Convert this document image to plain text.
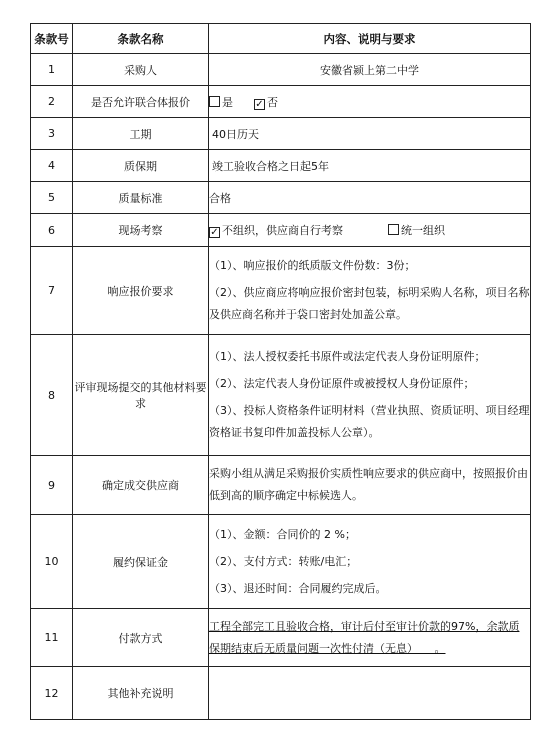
条款号	条款名称	内容、说明与要求
1	采购人	安徽省颍上第二中学
2	是否允许联合体报价	是 ✓ 否
3	工期	40日历天
4	质保期	竣工验收合格之日起5年
5	质量标准	合格
6	现场考察	✓ 不组织，供应商自行考察 统一组织
7	响应报价要求	（1）、响应报价的纸质版文件份数：3份；
（2）、供应商应将响应报价密封包装，标明采购人名称，项目名称及供应商名称并于袋口密封处加盖公章。

8	评审现场提交的其他材料要求	（1）、法人授权委托书原件或法定代表人身份证明原件；
（2）、法定代表人身份证原件或被授权人身份证原件；
（3）、投标人资格条件证明材料（营业执照、资质证明、项目经理资格证书复印件加盖投标人公章）。

9	确定成交供应商	采购小组从满足采购报价实质性响应要求的供应商中，按照报价由低到高的顺序确定中标候选人。

10	履约保证金	（1）、金额：合同价的 2 %；
（2）、支付方式：转账/电汇；
（3）、退还时间：合同履约完成后。

11	付款方式	工程全部完工且验收合格，审计后付至审计价款的97%，余款质保期结束后无质量问题一次性付清（无息）　　。

12	其他补充说明	
